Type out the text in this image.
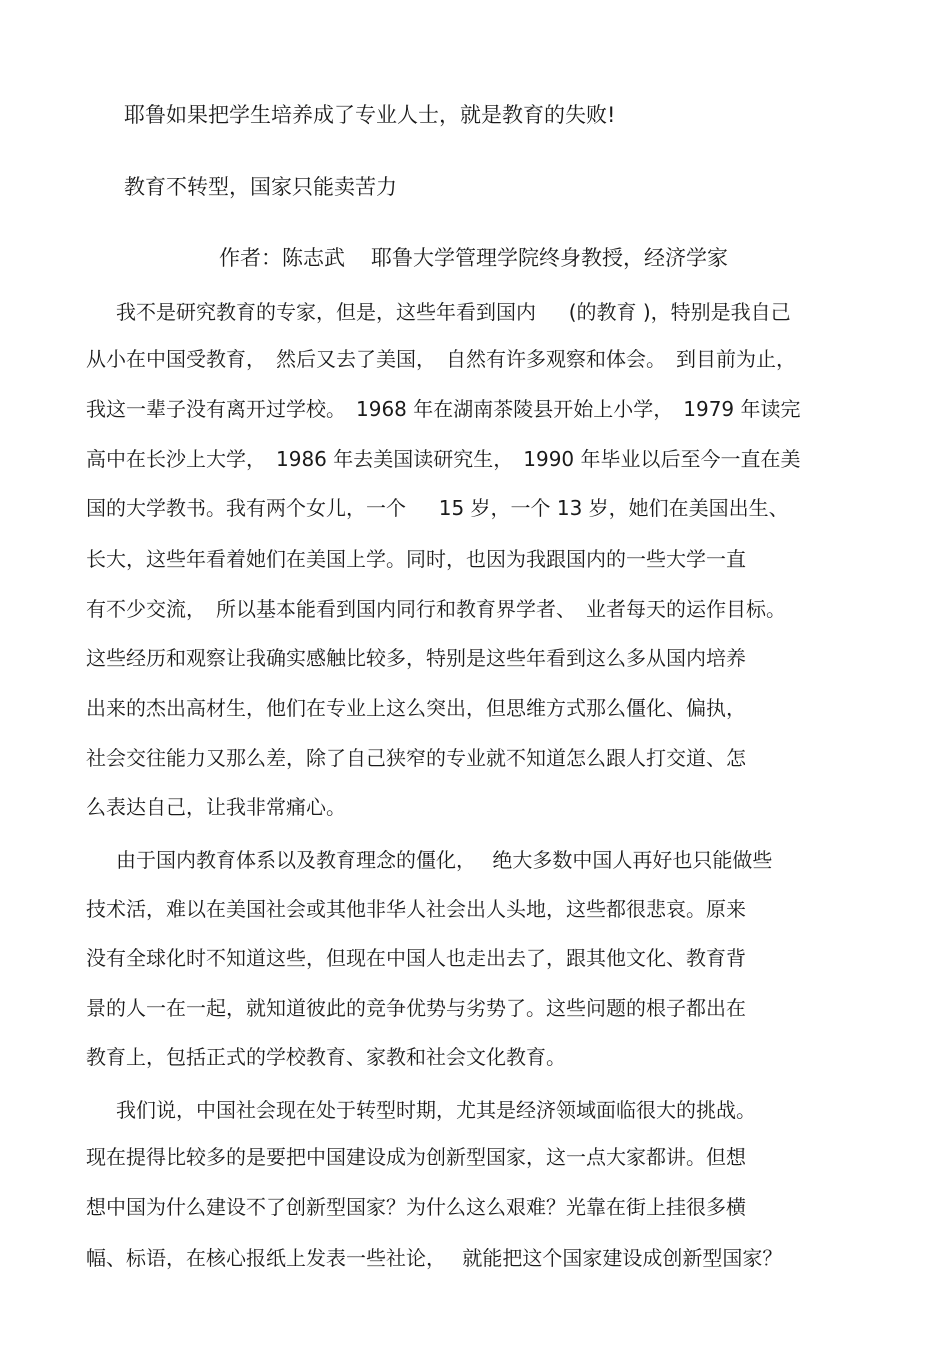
耶鲁如果把学生培养成了专业人士，就是教育的失败!
教育不转型，国家只能卖苦力
作者：陈志武 耶鲁大学管理学院终身教授，经济学家
我不是研究教育的专家，但是，这些年看到国内 　 (的教育 )，特别是我自己
从小在中国受教育，　然后又去了美国，　自然有许多观察和体会。　到目前为止，
我这一辈子没有离开过学校。　1968 年在湖南茶陵县开始上小学，　1979 年读完
高中在长沙上大学，　1986 年去美国读研究生，　1990 年毕业以后至今一直在美
国的大学教书。我有两个女儿，一个 　 15 岁，一个 13 岁，她们在美国出生、
长大，这些年看着她们在美国上学。同时，也因为我跟国内的一些大学一直
有不少交流，　所以基本能看到国内同行和教育界学者、　业者每天的运作目标。
这些经历和观察让我确实感触比较多，特别是这些年看到这么多从国内培养
出来的杰出高材生，他们在专业上这么突出，但思维方式那么僵化、偏执，
社会交往能力又那么差，除了自己狭窄的专业就不知道怎么跟人打交道、怎
么表达自己，让我非常痛心。
由于国内教育体系以及教育理念的僵化，　 绝大多数中国人再好也只能做些
技术活，难以在美国社会或其他非华人社会出人头地，这些都很悲哀。原来
没有全球化时不知道这些，但现在中国人也走出去了，跟其他文化、教育背
景的人一在一起，就知道彼此的竞争优势与劣势了。这些问题的根子都出在
教育上，包括正式的学校教育、家教和社会文化教育。
我们说，中国社会现在处于转型时期，尤其是经济领域面临很大的挑战。
现在提得比较多的是要把中国建设成为创新型国家，这一点大家都讲。但想
想中国为什么建设不了创新型国家？为什么这么艰难？光靠在街上挂很多横
幅、标语，在核心报纸上发表一些社论，　 就能把这个国家建设成创新型国家？
